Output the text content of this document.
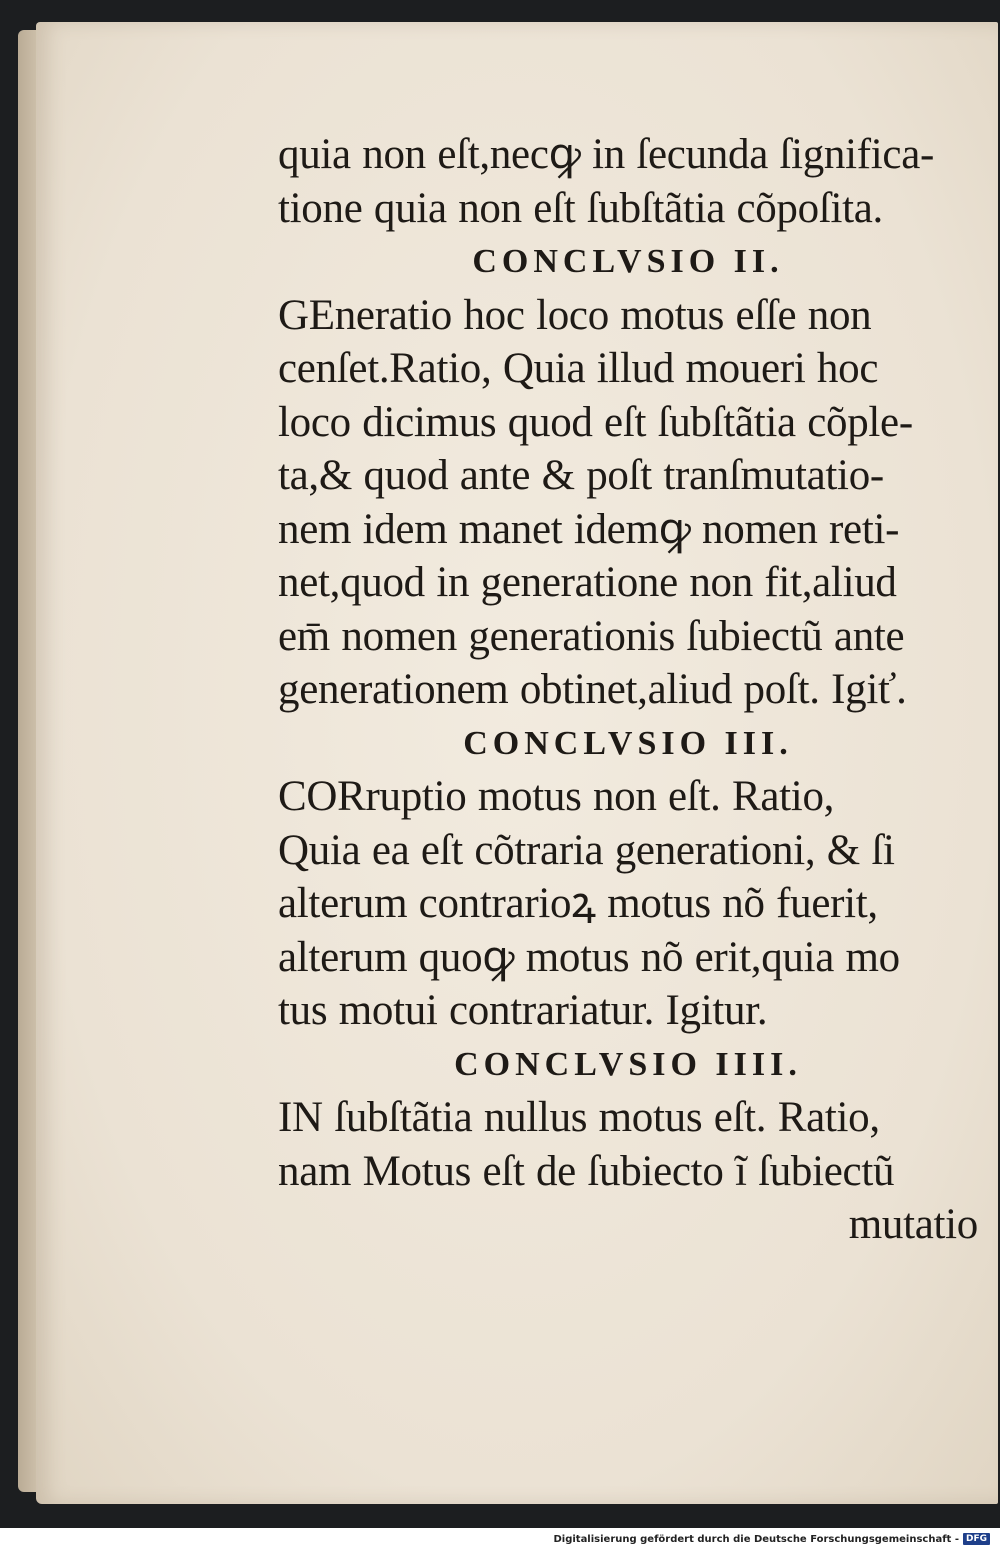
quia non eſt,necꝙ in ſecunda ſignifica-
tione quia non eſt ſubſtãtia cõpoſita.
CONCLVSIO II.
GEneratio hoc loco motus eſſe non
cenſet.Ratio, Quia illud moueri hoc
loco dicimus quod eſt ſubſtãtia cõple-
ta,& quod ante & poſt tranſmutatio-
nem idem manet idemꝙ nomen reti-
net,quod in generatione non fit,aliud
em̄ nomen generationis ſubiectũ ante
generationem obtinet,aliud poſt. Igiť.
CONCLVSIO III.
CORruptio motus non eſt. Ratio,
Quia ea eſt cõtraria generationi, & ſi
alterum contrarioꝝ motus nõ fuerit,
alterum quoꝙ motus nõ erit,quia mo
tus motui contrariatur. Igitur.
CONCLVSIO IIII.
IN ſubſtãtia nullus motus eſt. Ratio,
nam Motus eſt de ſubiecto ĩ ſubiectũ
mutatio
Digitalisierung gefördert durch die Deutsche Forschungsgemeinschaft - DFG
